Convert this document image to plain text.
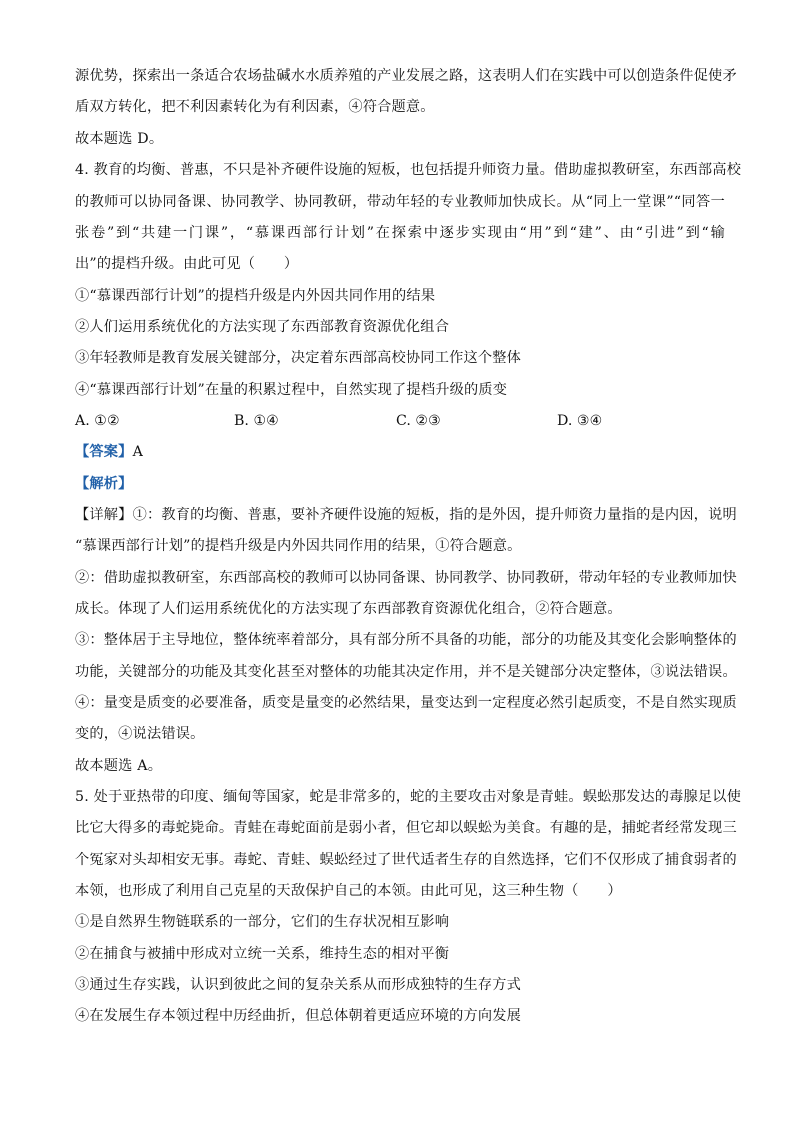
源优势，探索出一条适合农场盐碱水水质养殖的产业发展之路，这表明人们在实践中可以创造条件促使矛
盾双方转化，把不利因素转化为有利因素，④符合题意。
故本题选 D。
4. 教育的均衡、普惠，不只是补齐硬件设施的短板，也包括提升师资力量。借助虚拟教研室，东西部高校
的教师可以协同备课、协同教学、协同教研，带动年轻的专业教师加快成长。从“同上一堂课”“同答一
张卷”到“共建一门课”，“慕课西部行计划”在探索中逐步实现由“用”到“建”、由“引进”到“输
出”的提档升级。由此可见（　　）
①“慕课西部行计划”的提档升级是内外因共同作用的结果
②人们运用系统优化的方法实现了东西部教育资源优化组合
③年轻教师是教育发展关键部分，决定着东西部高校协同工作这个整体
④“慕课西部行计划”在量的积累过程中，自然实现了提档升级的质变
A. ①②	B. ①④	C. ②③	D. ③④
【答案】A
【解析】
【详解】①：教育的均衡、普惠，要补齐硬件设施的短板，指的是外因，提升师资力量指的是内因，说明
“慕课西部行计划”的提档升级是内外因共同作用的结果，①符合题意。
②：借助虚拟教研室，东西部高校的教师可以协同备课、协同教学、协同教研，带动年轻的专业教师加快
成长。体现了人们运用系统优化的方法实现了东西部教育资源优化组合，②符合题意。
③：整体居于主导地位，整体统率着部分，具有部分所不具备的功能，部分的功能及其变化会影响整体的
功能，关键部分的功能及其变化甚至对整体的功能其决定作用，并不是关键部分决定整体，③说法错误。
④：量变是质变的必要准备，质变是量变的必然结果，量变达到一定程度必然引起质变，不是自然实现质
变的，④说法错误。
故本题选 A。
5. 处于亚热带的印度、缅甸等国家，蛇是非常多的，蛇的主要攻击对象是青蛙。蜈蚣那发达的毒腺足以使
比它大得多的毒蛇毙命。青蛙在毒蛇面前是弱小者，但它却以蜈蚣为美食。有趣的是，捕蛇者经常发现三
个冤家对头却相安无事。毒蛇、青蛙、蜈蚣经过了世代适者生存的自然选择，它们不仅形成了捕食弱者的
本领，也形成了利用自己克星的天敌保护自己的本领。由此可见，这三种生物（　　）
①是自然界生物链联系的一部分，它们的生存状况相互影响
②在捕食与被捕中形成对立统一关系，维持生态的相对平衡
③通过生存实践，认识到彼此之间的复杂关系从而形成独特的生存方式
④在发展生存本领过程中历经曲折，但总体朝着更适应环境的方向发展
